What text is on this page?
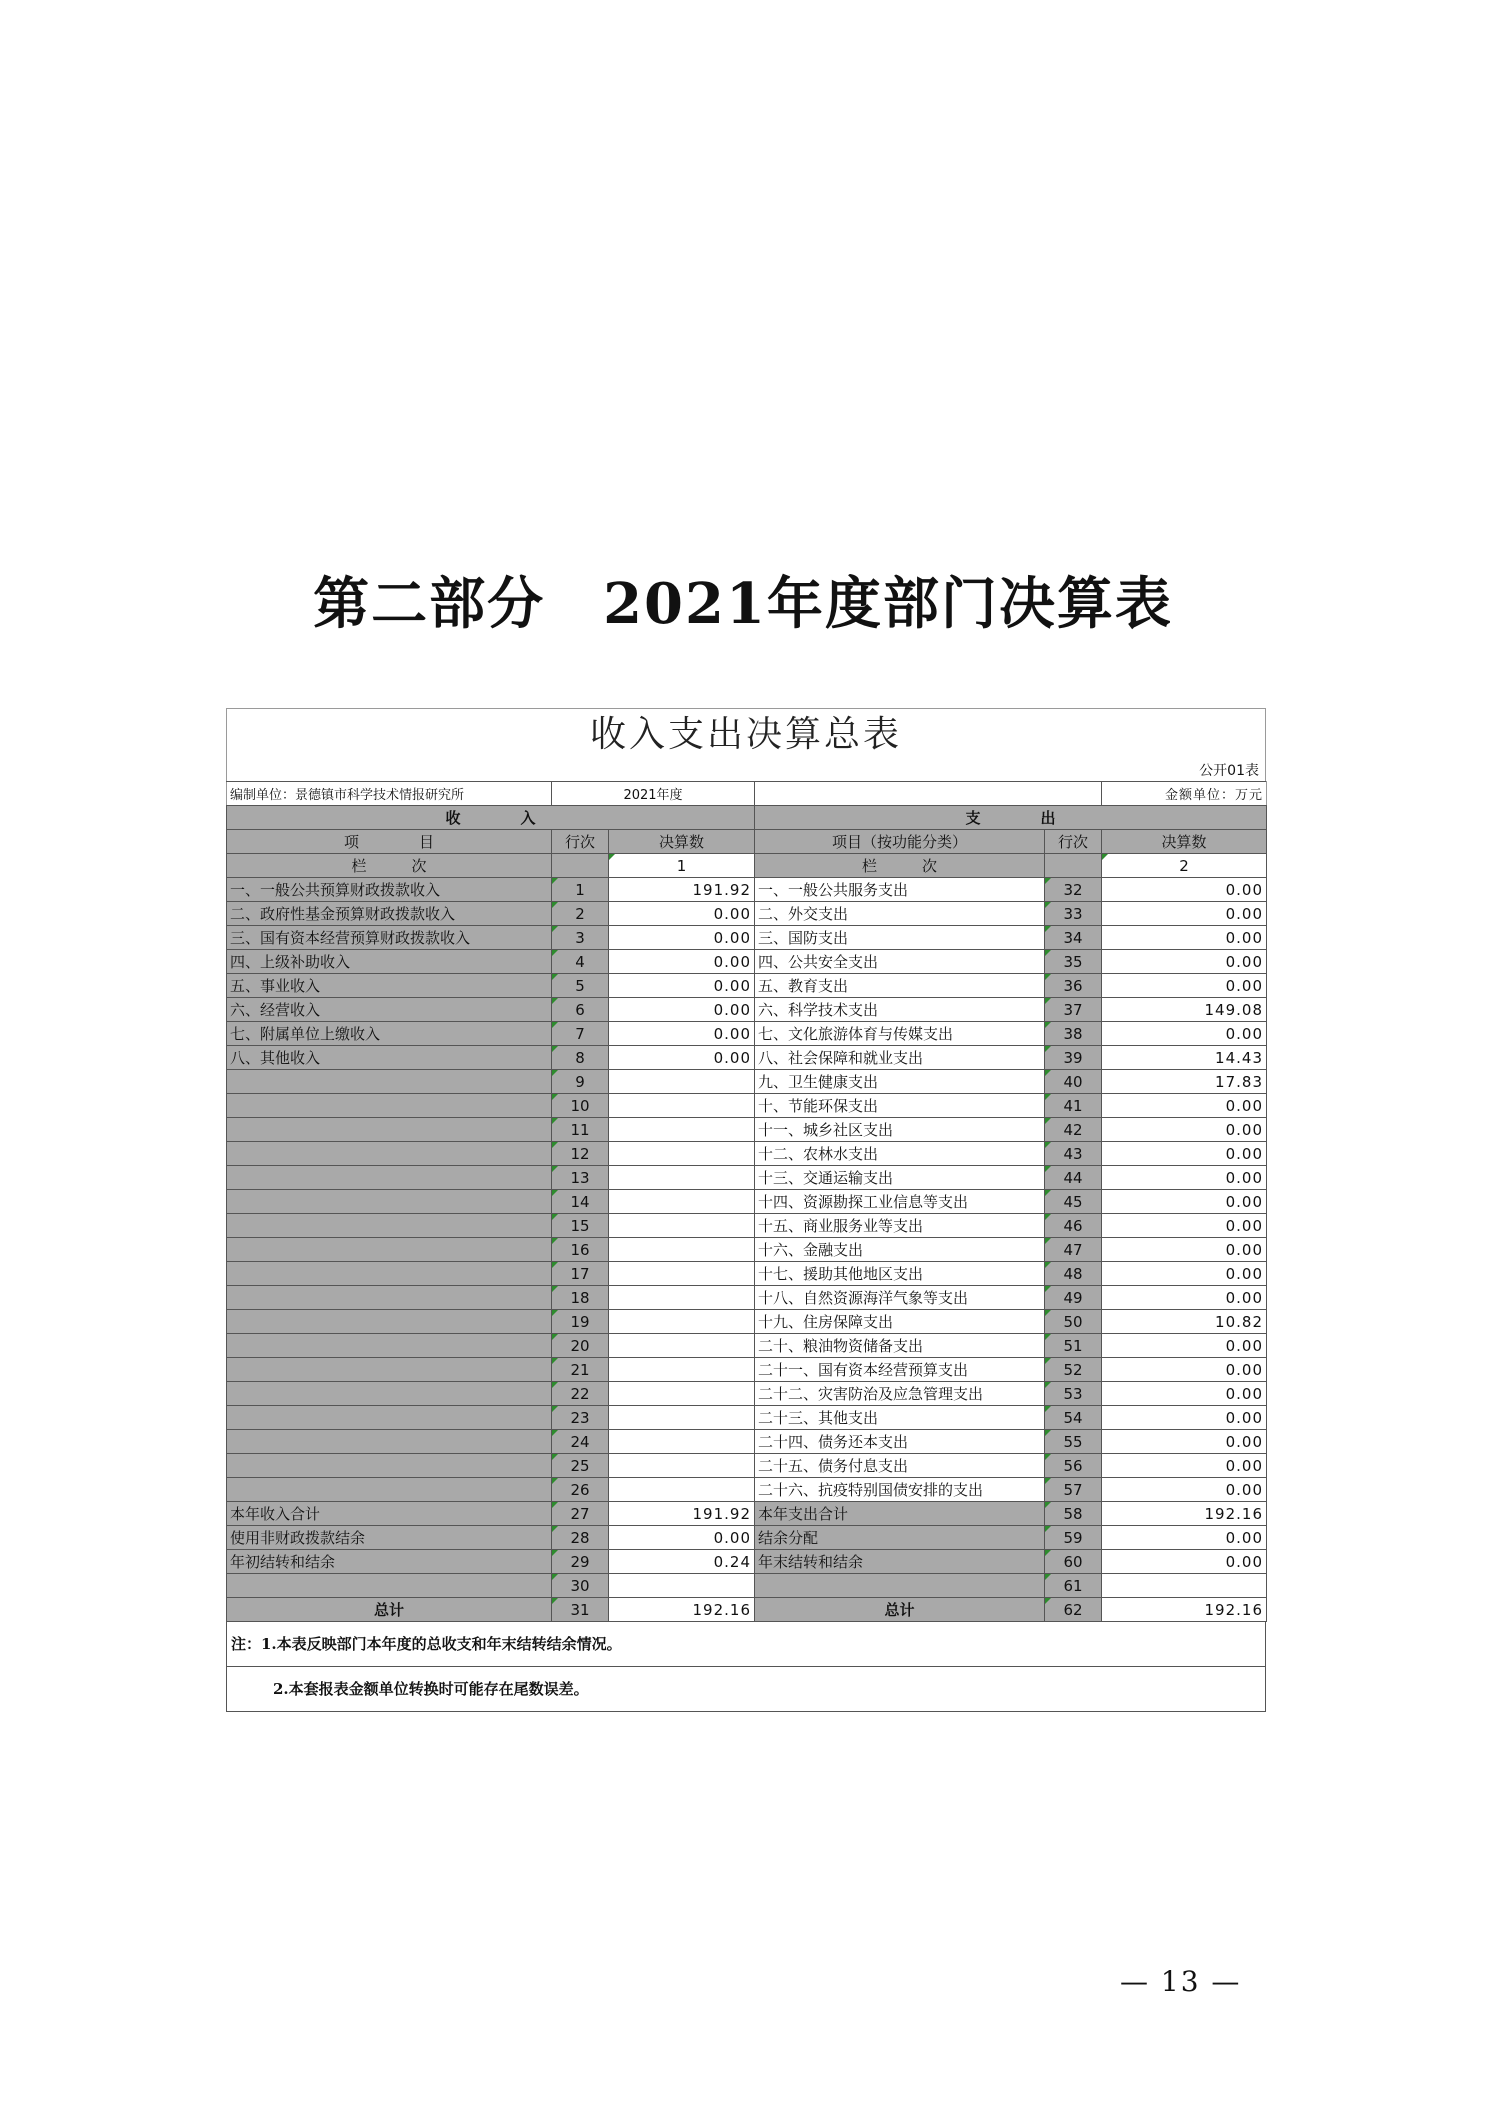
第二部分　2021年度部门决算表
收入支出决算总表
公开01表
编制单位：景德镇市科学技术情报研究所	2021年度				金额单位：万元
收　　　　入			支　　　　出		
项　　　　目	行次	决算数	项目（按功能分类）	行次	决算数
栏　　　次		1	栏　　　次		2
一、一般公共预算财政拨款收入	1	191.92	一、一般公共服务支出	32	0.00
二、政府性基金预算财政拨款收入	2	0.00	二、外交支出	33	0.00
三、国有资本经营预算财政拨款收入	3	0.00	三、国防支出	34	0.00
四、上级补助收入	4	0.00	四、公共安全支出	35	0.00
五、事业收入	5	0.00	五、教育支出	36	0.00
六、经营收入	6	0.00	六、科学技术支出	37	149.08
七、附属单位上缴收入	7	0.00	七、文化旅游体育与传媒支出	38	0.00
八、其他收入	8	0.00	八、社会保障和就业支出	39	14.43
	9		九、卫生健康支出	40	17.83
	10		十、节能环保支出	41	0.00
	11		十一、城乡社区支出	42	0.00
	12		十二、农林水支出	43	0.00
	13		十三、交通运输支出	44	0.00
	14		十四、资源勘探工业信息等支出	45	0.00
	15		十五、商业服务业等支出	46	0.00
	16		十六、金融支出	47	0.00
	17		十七、援助其他地区支出	48	0.00
	18		十八、自然资源海洋气象等支出	49	0.00
	19		十九、住房保障支出	50	10.82
	20		二十、粮油物资储备支出	51	0.00
	21		二十一、国有资本经营预算支出	52	0.00
	22		二十二、灾害防治及应急管理支出	53	0.00
	23		二十三、其他支出	54	0.00
	24		二十四、债务还本支出	55	0.00
	25		二十五、债务付息支出	56	0.00
	26		二十六、抗疫特别国债安排的支出	57	0.00
本年收入合计	27	191.92	本年支出合计	58	192.16
使用非财政拨款结余	28	0.00	结余分配	59	0.00
年初结转和结余	29	0.24	年末结转和结余	60	0.00
	30			61	
总计	31	192.16	总计	62	192.16
注：1.本表反映部门本年度的总收支和年末结转结余情况。
2.本套报表金额单位转换时可能存在尾数误差。
— 13 —
